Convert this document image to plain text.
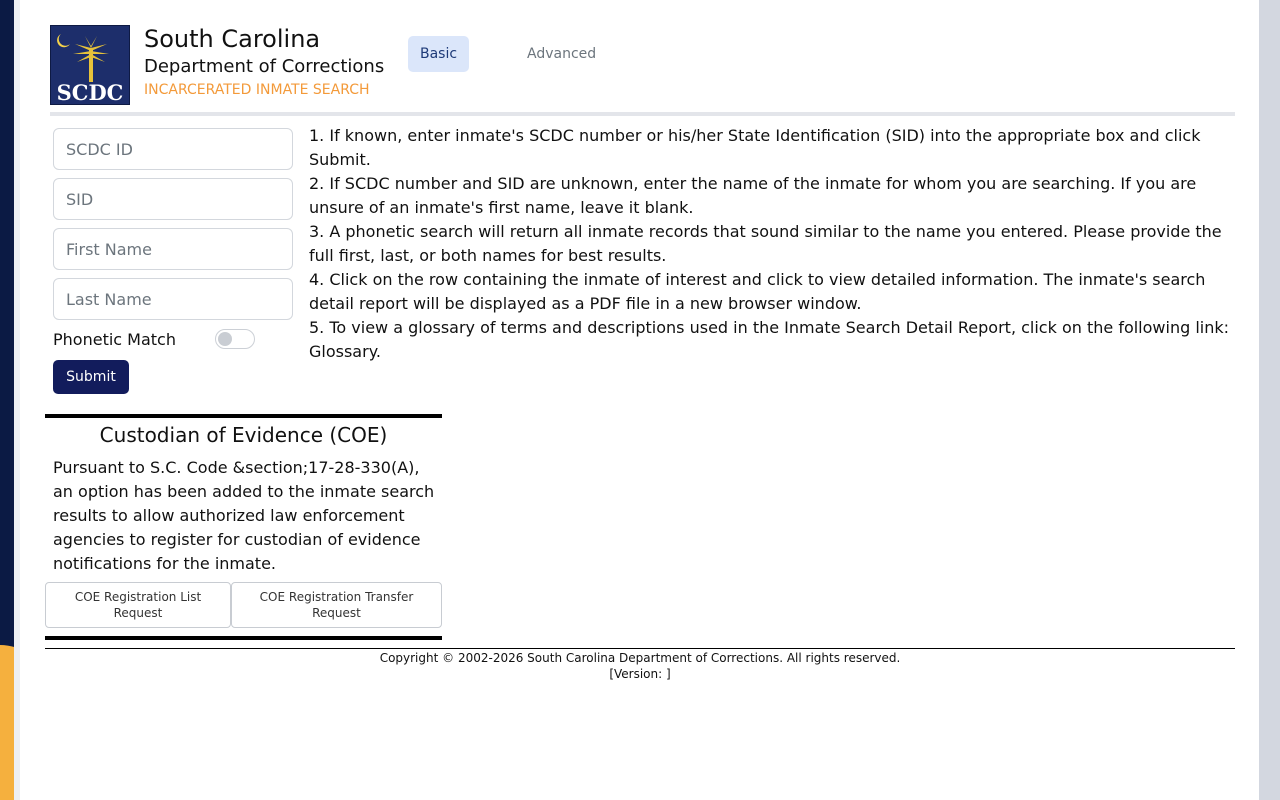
SCDC
South Carolina
Department of Corrections
INCARCERATED INMATE SEARCH
Basic	Advanced
SCDC ID
SID
First Name
Last Name
Phonetic Match
Submit

1. If known, enter inmate's SCDC number or his/her State Identification (SID) into the appropriate box and click Submit.

2. If SCDC number and SID are unknown, enter the name of the inmate for whom you are searching. If you are unsure of an inmate's first name, leave it blank.

3. A phonetic search will return all inmate records that sound similar to the name you entered. Please provide the full first, last, or both names for best results.

4. Click on the row containing the inmate of interest and click to view detailed information. The inmate's search detail report will be displayed as a PDF file in a new browser window.

5. To view a glossary of terms and descriptions used in the Inmate Search Detail Report, click on the following link: Glossary.

Custodian of Evidence (COE)
Pursuant to S.C. Code &section;17-28-330(A), an option has been added to the inmate search results to allow authorized law enforcement agencies to register for custodian of evidence notifications for the inmate.
COE Registration List Request
COE Registration Transfer Request
Copyright © 2002-2026 South Carolina Department of Corrections. All rights reserved.
[Version: ]
